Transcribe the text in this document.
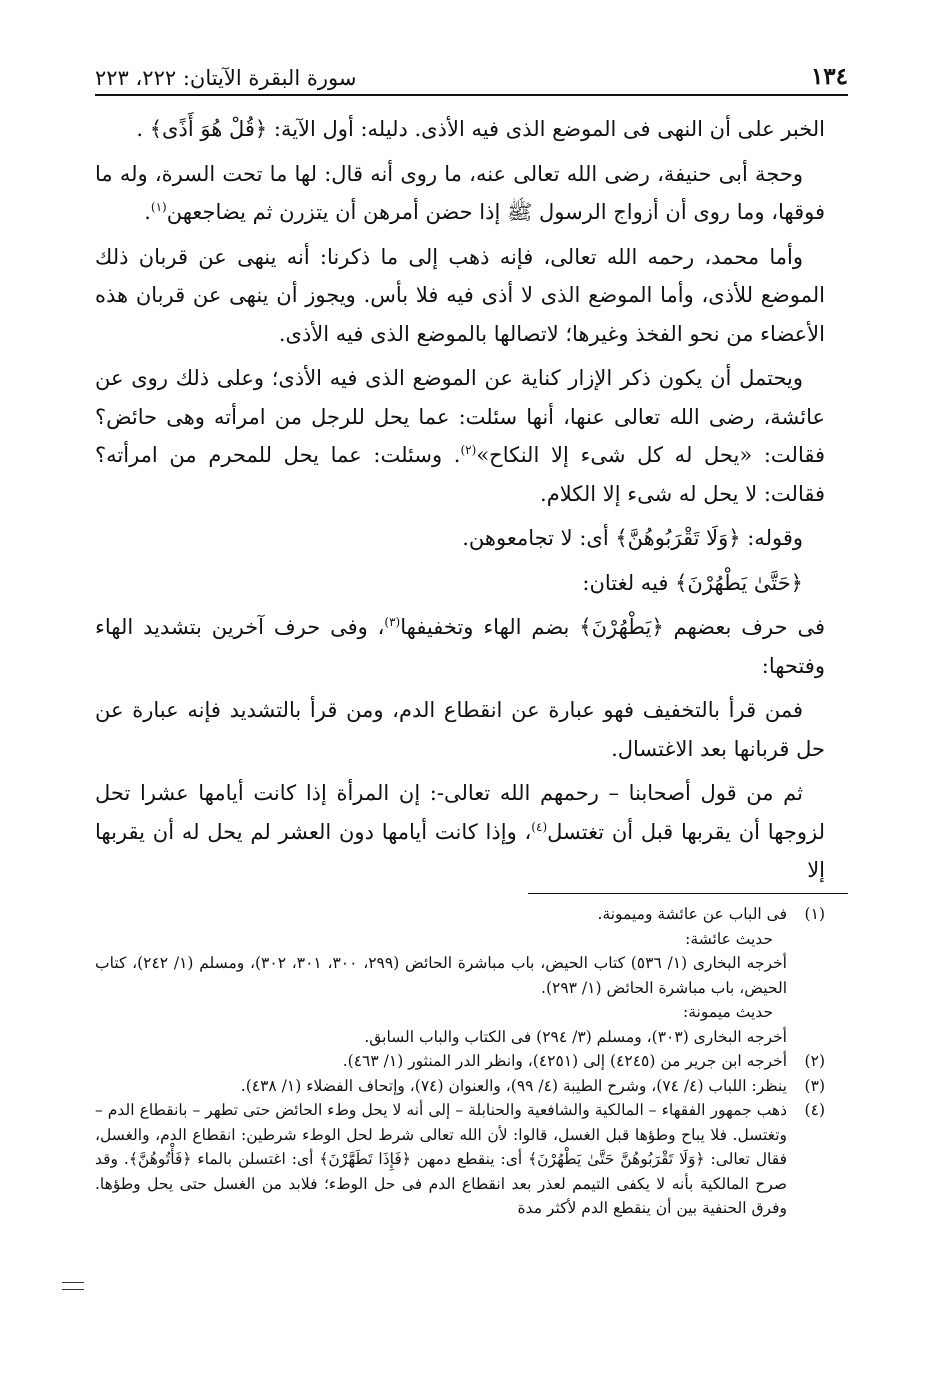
١٣٤
سورة البقرة الآيتان: ٢٢٢، ٢٢٣

الخبر على أن النهى فى الموضع الذى فيه الأذى. دليله: أول الآية: ﴿قُلْ هُوَ أَذًى﴾ .

وحجة أبى حنيفة، رضى الله تعالى عنه، ما روى أنه قال: لها ما تحت السرة، وله ما فوقها، وما روى أن أزواج الرسول ﷺ إذا حضن أمرهن أن يتزرن ثم يضاجعهن$^{(١)}$.

وأما محمد، رحمه الله تعالى، فإنه ذهب إلى ما ذكرنا: أنه ينهى عن قربان ذلك الموضع للأذى، وأما الموضع الذى لا أذى فيه فلا بأس. ويجوز أن ينهى عن قربان هذه الأعضاء من نحو الفخذ وغيرها؛ لاتصالها بالموضع الذى فيه الأذى.

ويحتمل أن يكون ذكر الإزار كناية عن الموضع الذى فيه الأذى؛ وعلى ذلك روى عن عائشة، رضى الله تعالى عنها، أنها سئلت: عما يحل للرجل من امرأته وهى حائض؟ فقالت: «يحل له كل شىء إلا النكاح»$^{(٢)}$. وسئلت: عما يحل للمحرم من امرأته؟ فقالت: لا يحل له شىء إلا الكلام.

وقوله: ﴿وَلَا تَقْرَبُوهُنَّ﴾ أى: لا تجامعوهن.

﴿حَتَّىٰ يَطْهُرْنَ﴾ فيه لغتان:

فى حرف بعضهم ﴿يَطْهُرْنَ﴾ بضم الهاء وتخفيفها$^{(٣)}$، وفى حرف آخرين بتشديد الهاء وفتحها:

فمن قرأ بالتخفيف فهو عبارة عن انقطاع الدم، ومن قرأ بالتشديد فإنه عبارة عن حل قربانها بعد الاغتسال.

ثم من قول أصحابنا – رحمهم الله تعالى-: إن المرأة إذا كانت أيامها عشرا تحل لزوجها أن يقربها قبل أن تغتسل$^{(٤)}$، وإذا كانت أيامها دون العشر لم يحل له أن يقربها إلا

(١)
فى الباب عن عائشة وميمونة.
حديث عائشة:
أخرجه البخارى (١/ ٥٣٦) كتاب الحيض، باب مباشرة الحائض (٢٩٩، ٣٠٠، ٣٠١، ٣٠٢)، ومسلم (١/ ٢٤٢)، كتاب الحيض، باب مباشرة الحائض (١/ ٢٩٣).
حديث ميمونة:
أخرجه البخارى (٣٠٣)، ومسلم (٣/ ٢٩٤) فى الكتاب والباب السابق.
(٢)
أخرجه ابن جرير من (٤٢٤٥) إلى (٤٢٥١)، وانظر الدر المنثور (١/ ٤٦٣).
(٣)
ينظر: اللباب (٤/ ٧٤)، وشرح الطيبة (٤/ ٩٩)، والعنوان (٧٤)، وإتحاف الفضلاء (١/ ٤٣٨).
(٤)
ذهب جمهور الفقهاء – المالكية والشافعية والحنابلة – إلى أنه لا يحل وطء الحائض حتى تطهر – بانقطاع الدم – وتغتسل. فلا يباح وطؤها قبل الغسل، قالوا: لأن الله تعالى شرط لحل الوطء شرطين: انقطاع الدم، والغسل، فقال تعالى: ﴿وَلَا تَقْرَبُوهُنَّ حَتَّىٰ يَطْهُرْنَ﴾ أى: ينقطع دمهن ﴿فَإِذَا تَطَهَّرْنَ﴾ أى: اغتسلن بالماء ﴿فَأْتُوهُنَّ﴾. وقد صرح المالكية بأنه لا يكفى التيمم لعذر بعد انقطاع الدم فى حل الوطء؛ فلابد من الغسل حتى يحل وطؤها. وفرق الحنفية بين أن ينقطع الدم لأكثر مدة
